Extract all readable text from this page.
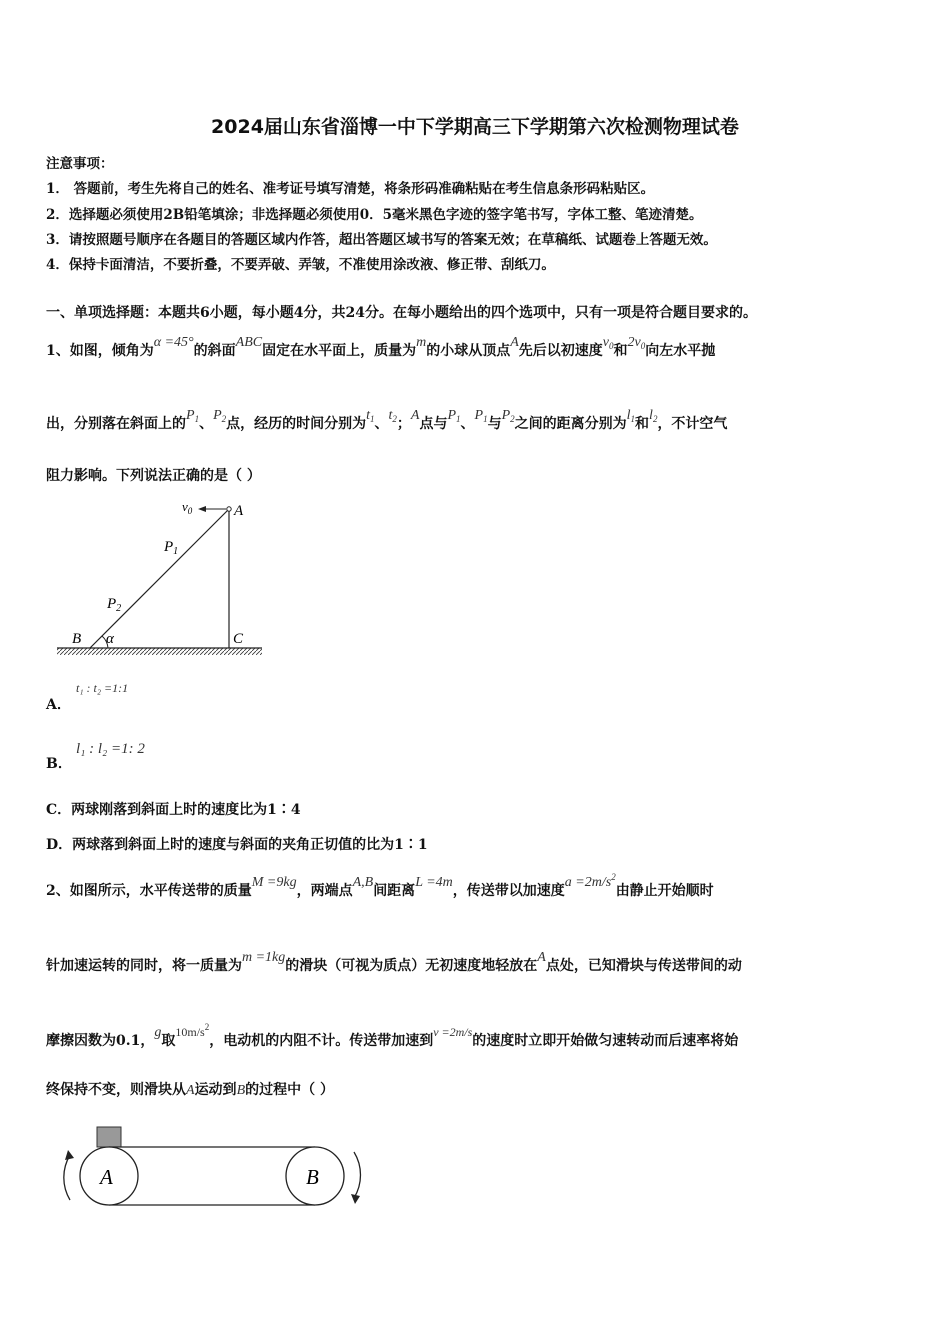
2024届山东省淄博一中下学期高三下学期第六次检测物理试卷
注意事项：
1． 答题前，考生先将自己的姓名、准考证号填写清楚，将条形码准确粘贴在考生信息条形码粘贴区。
2．选择题必须使用2B铅笔填涂；非选择题必须使用0．5毫米黑色字迹的签字笔书写，字体工整、笔迹清楚。
3．请按照题号顺序在各题目的答题区域内作答，超出答题区域书写的答案无效；在草稿纸、试题卷上答题无效。
4．保持卡面清洁，不要折叠，不要弄破、弄皱，不准使用涂改液、修正带、刮纸刀。
一、单项选择题：本题共6小题，每小题4分，共24分。在每小题给出的四个选项中，只有一项是符合题目要求的。
1、如图，倾角为α =45°的斜面ABC固定在水平面上，质量为m的小球从顶点A先后以初速度$v_0$和$2v_0$向左水平抛
出，分别落在斜面上的$P_1$、$P_2$点，经历的时间分别为$t_1$、$t_2$；A点与$P_1$、$P_1$与$P_2$之间的距离分别为$l_1$和$l_2$，不计空气
阻力影响。下列说法正确的是（ ）
$v_0$	A
$P_1$
$P_2$
B α	C
A．
t₁ : t₂ =1:1
B．
l₁ : l₂ =1: 2
C．两球刚落到斜面上时的速度比为1∶4
D．两球落到斜面上时的速度与斜面的夹角正切值的比为1∶1
2、如图所示，水平传送带的质量M =9kg，两端点A,B间距离L =4m，传送带以加速度$a =2m/s^2$由静止开始顺时
针加速运转的同时，将一质量为m =1kg的滑块（可视为质点）无初速度地轻放在A点处，已知滑块与传送带间的动
摩擦因数为0.1，g取$10m/s^2$，电动机的内阻不计。传送带加速到v =2m/s的速度时立即开始做匀速转动而后速率将始
终保持不变，则滑块从A运动到B的过程中（ ）
A	B
